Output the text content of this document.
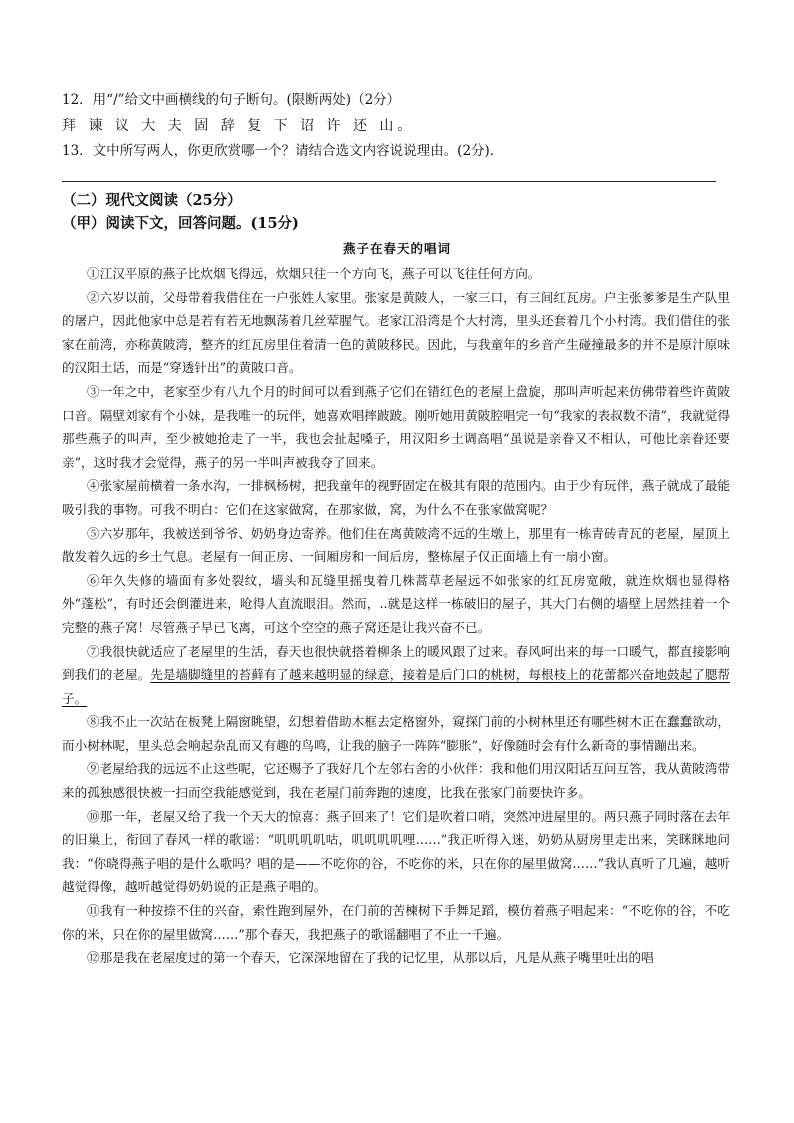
12．用“/”给文中画横线的句子断句。(限断两处)（2分）
拜 谏 议 大 夫 固 辞 复 下 诏 许 还 山。
13．文中所写两人，你更欣赏哪一个？请结合选文内容说说理由。(2分)．
（二）现代文阅读（25分）
（甲）阅读下文，回答问题。(15分)
燕子在春天的唱词

①江汉平原的燕子比炊烟飞得远，炊烟只往一个方向飞，燕子可以飞往任何方向。

②六岁以前，父母带着我借住在一户张姓人家里。张家是黄陂人，一家三口，有三间红瓦房。户主张爹爹是生产队里的屠户，因此他家中总是若有若无地飘荡着几丝荤腥气。老家江沿湾是个大村湾，里头还套着几个小村湾。我们借住的张家在前湾，亦称黄陂湾，整齐的红瓦房里住着清一色的黄陂移民。因此，与我童年的乡音产生碰撞最多的并不是原汁原味的汉阳土话，而是“穿透针出”的黄陂口音。

③一年之中，老家至少有八九个月的时间可以看到燕子它们在错红色的老屋上盘旋，那叫声听起来仿佛带着些许黄陂口音。隔壁刘家有个小妹，是我唯一的玩伴，她喜欢唱摔跛跛。刚听她用黄陂腔唱完一句“我家的表叔数不清”，我就觉得那些燕子的叫声，至少被她抢走了一半，我也会扯起嗓子，用汉阳乡土调高唱“虽说是亲眷又不相认，可他比亲眷还要亲”，这时我才会觉得，燕子的另一半叫声被我夺了回来。

④张家屋前横着一条水沟，一排枫杨树，把我童年的视野固定在极其有限的范围内。由于少有玩伴，燕子就成了最能吸引我的事物。可我不明白：它们在这家做窝，在那家做，窝，为什么不在张家做窝呢？

⑤六岁那年，我被送到爷爷、奶奶身边寄养。他们住在离黄陂湾不远的生墩上，那里有一栋青砖青瓦的老屋，屋顶上散发着久远的乡土气息。老屋有一间正房、一间厢房和一间后房，整栋屋子仅正面墙上有一扇小窗。

⑥年久失修的墙面有多处裂纹，墙头和瓦缝里摇曳着几株蒿草老屋远不如张家的红瓦房宽敞，就连炊烟也显得格外“蓬松”，有时还会倒灌进来，呛得人直流眼泪。然而，..就是这样一栋破旧的屋子，其大门右侧的墙壁上居然挂着一个完整的燕子窝！尽管燕子早已飞离，可这个空空的燕子窝还是让我兴奋不已。

⑦我很快就适应了老屋里的生活，春天也很快就搭着柳条上的暖风跟了过来。春风呵出来的每一口暖气，都直接影响到我们的老屋。先是墙脚缝里的苔藓有了越来越明显的绿意，接着是后门口的桃树，每根枝上的花蕾都兴奋地鼓起了腮帮子。

⑧我不止一次站在板凳上隔窗眺望，幻想着借助木框去定格窗外，窥探门前的小树林里还有哪些树木正在蠢蠢欲动，而小树林呢，里头总会响起杂乱而又有趣的鸟鸣，让我的脑子一阵阵“膨胀”，好像随时会有什么新奇的事情蹦出来。

⑨老屋给我的远远不止这些呢，它还赐予了我好几个左邻右舍的小伙伴：我和他们用汉阳话互问互答，我从黄陂湾带来的孤独感很快被一扫而空我能感觉到，我在老屋门前奔跑的速度，比我在张家门前要快许多。

⑩那一年，老屋又给了我一个天大的惊喜：燕子回来了！它们是吹着口哨，突然冲进屋里的。两只燕子同时落在去年的旧巢上，衔回了春风一样的歌谣：“叽叽叽叽咕，叽叽叽叽哩……”我正听得入迷，奶奶从厨房里走出来，笑眯眯地问我：“你晓得燕子唱的是什么歌吗？唱的是——不吃你的谷，不吃你的米，只在你的屋里做窝……”我认真听了几遍，越听越觉得像，越听越觉得奶奶说的正是燕子唱的。

⑪我有一种按捺不住的兴奋，索性跑到屋外，在门前的苦楝树下手舞足蹈，模仿着燕子唱起来：“不吃你的谷，不吃你的米，只在你的屋里做窝……”那个春天，我把燕子的歌谣翻唱了不止一千遍。

⑫那是我在老屋度过的第一个春天，它深深地留在了我的记忆里，从那以后，凡是从燕子嘴里吐出的唱
